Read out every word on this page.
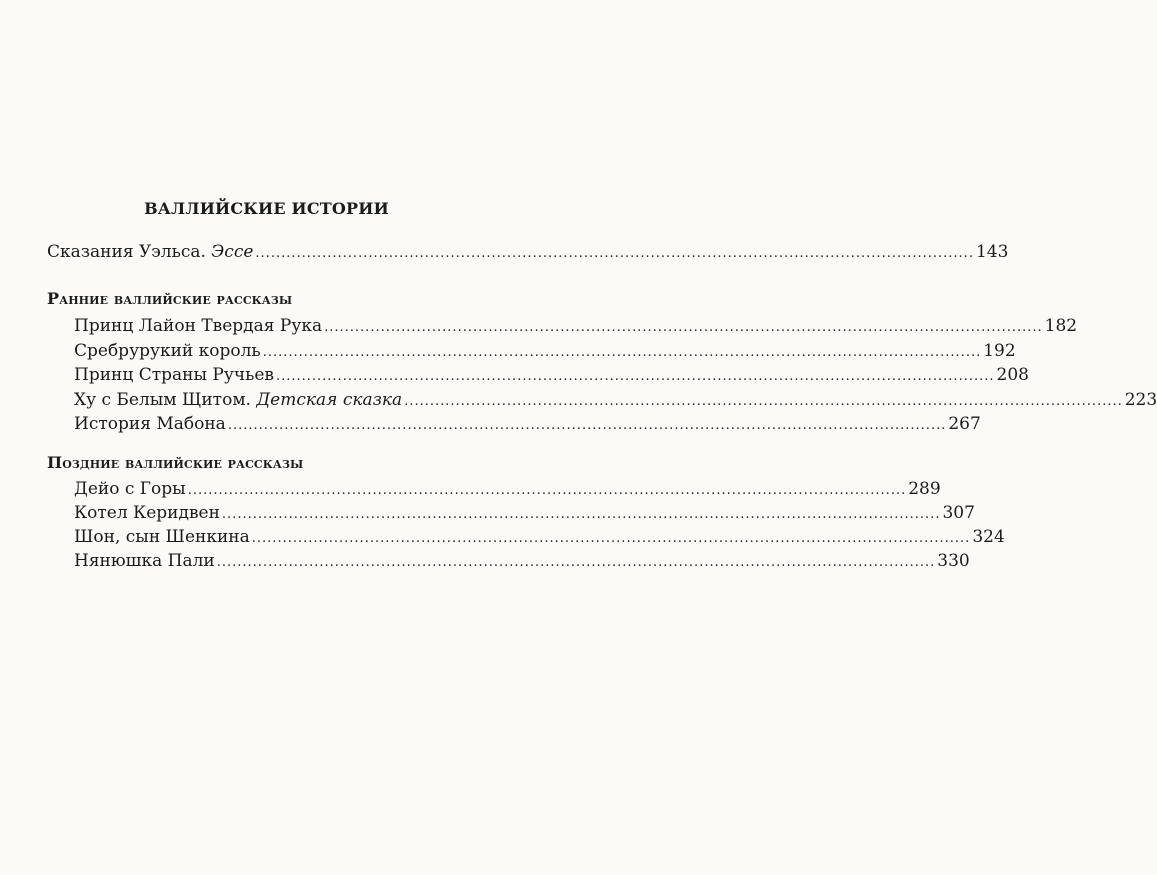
ВАЛЛИЙСКИЕ ИСТОРИИ
Сказания Уэльса. Эссе ............................................................................................................................................ 143
Ранние валлийские рассказы
Принц Лайон Твердая Рука ............................................................................................................................................ 182
Сребрурукий король ............................................................................................................................................ 192
Принц Страны Ручьев ............................................................................................................................................ 208
Ху с Белым Щитом. Детская сказка ............................................................................................................................................ 223
История Мабона ............................................................................................................................................ 267
Поздние валлийские рассказы
Дейо с Горы ............................................................................................................................................ 289
Котел Керидвен ............................................................................................................................................ 307
Шон, сын Шенкина ............................................................................................................................................ 324
Нянюшка Пали ............................................................................................................................................ 330
